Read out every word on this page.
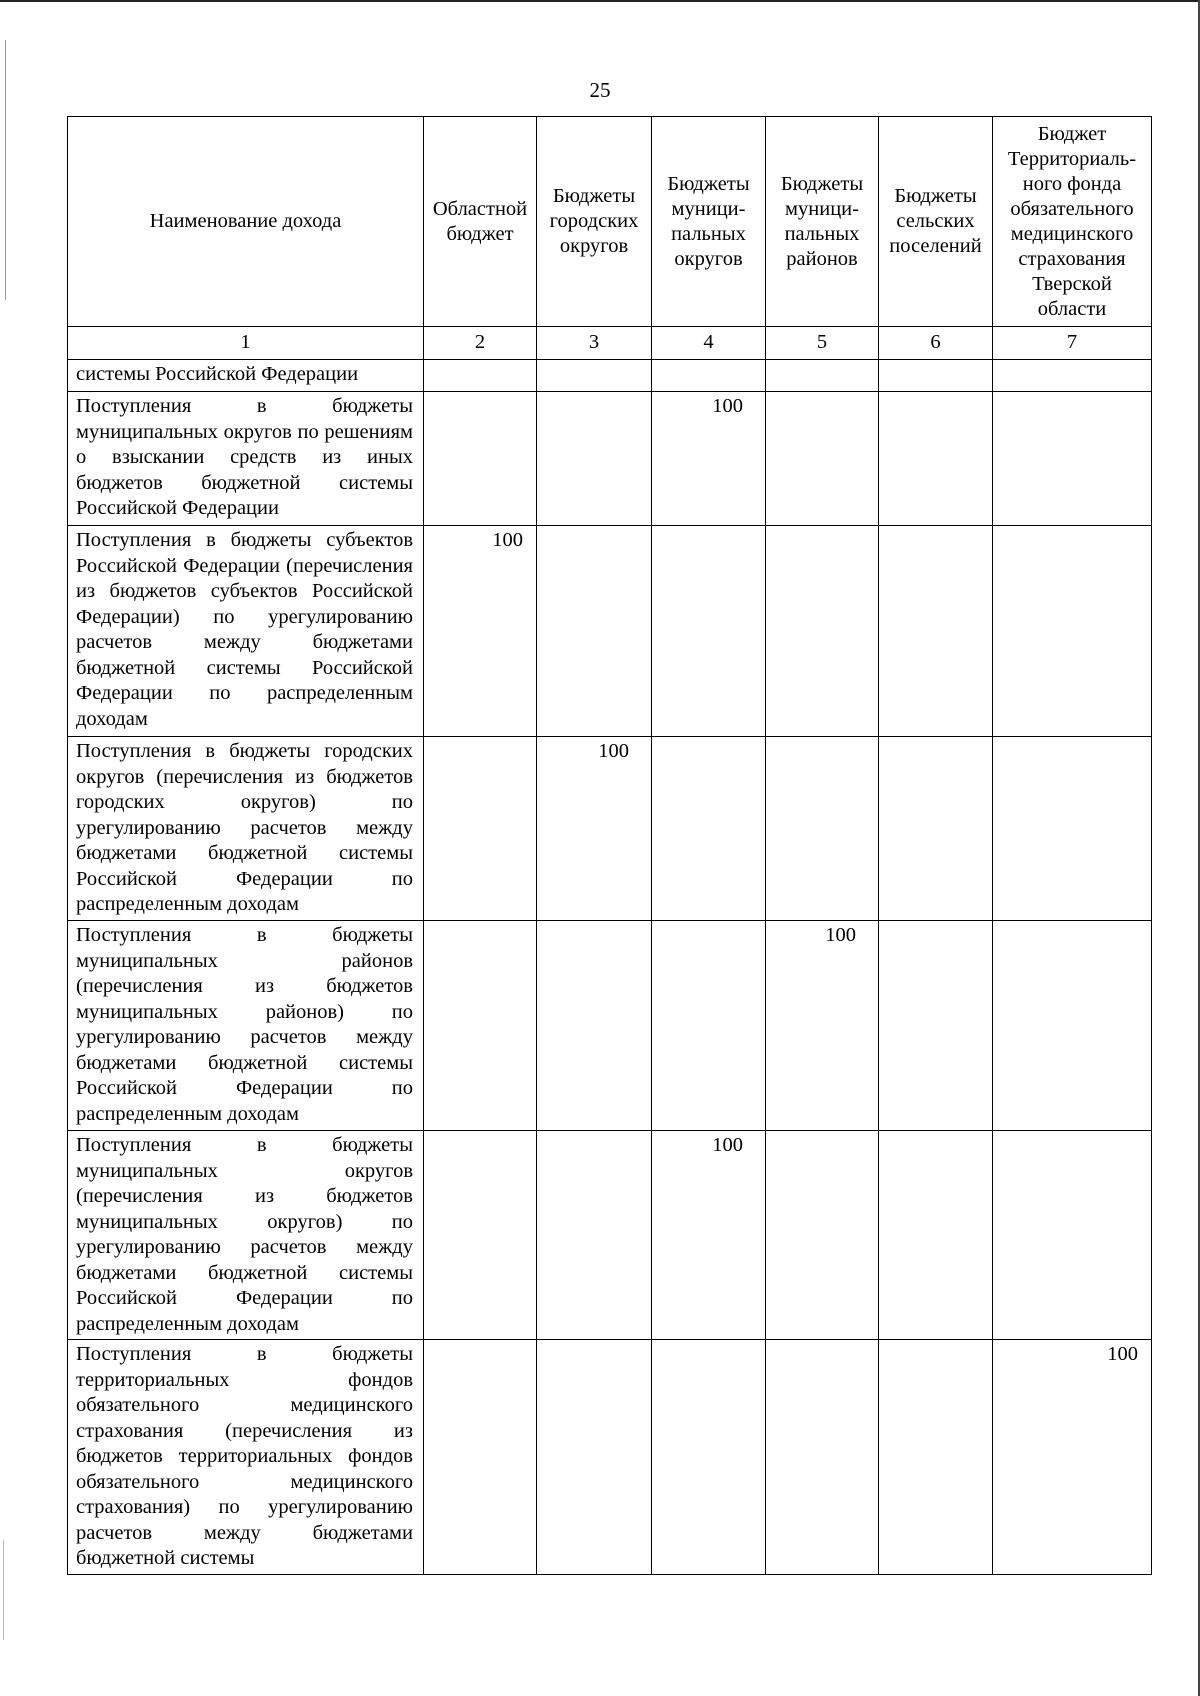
25
Наименование дохода	Областной бюджет	Бюджеты городских округов	Бюджеты муници-пальных округов	Бюджеты муници-пальных районов	Бюджеты сельских поселений	Бюджет Территориаль-ного фонда обязательного медицинского страхования Тверской области

1	2	3	4	5	6	7
системы Российской Федерации						
Поступления в бюджеты муниципальных округов по решениям о взыскании средств из иных бюджетов бюджетной системы Российской Федерации			100			
Поступления в бюджеты субъектов Российской Федерации (перечисления из бюджетов субъектов Российской Федерации) по урегулированию расчетов между бюджетами бюджетной системы Российской Федерации по распределенным доходам	100					
Поступления в бюджеты городских округов (перечисления из бюджетов городских округов) по урегулированию расчетов между бюджетами бюджетной системы Российской Федерации по распределенным доходам		100				
Поступления в бюджеты муниципальных районов (перечисления из бюджетов муниципальных районов) по урегулированию расчетов между бюджетами бюджетной системы Российской Федерации по распределенным доходам				100		
Поступления в бюджеты муниципальных округов (перечисления из бюджетов муниципальных округов) по урегулированию расчетов между бюджетами бюджетной системы Российской Федерации по распределенным доходам			100			
Поступления в бюджеты территориальных фондов обязательного медицинского страхования (перечисления из бюджетов территориальных фондов обязательного медицинского страхования) по урегулированию расчетов между бюджетами бюджетной системы						100
